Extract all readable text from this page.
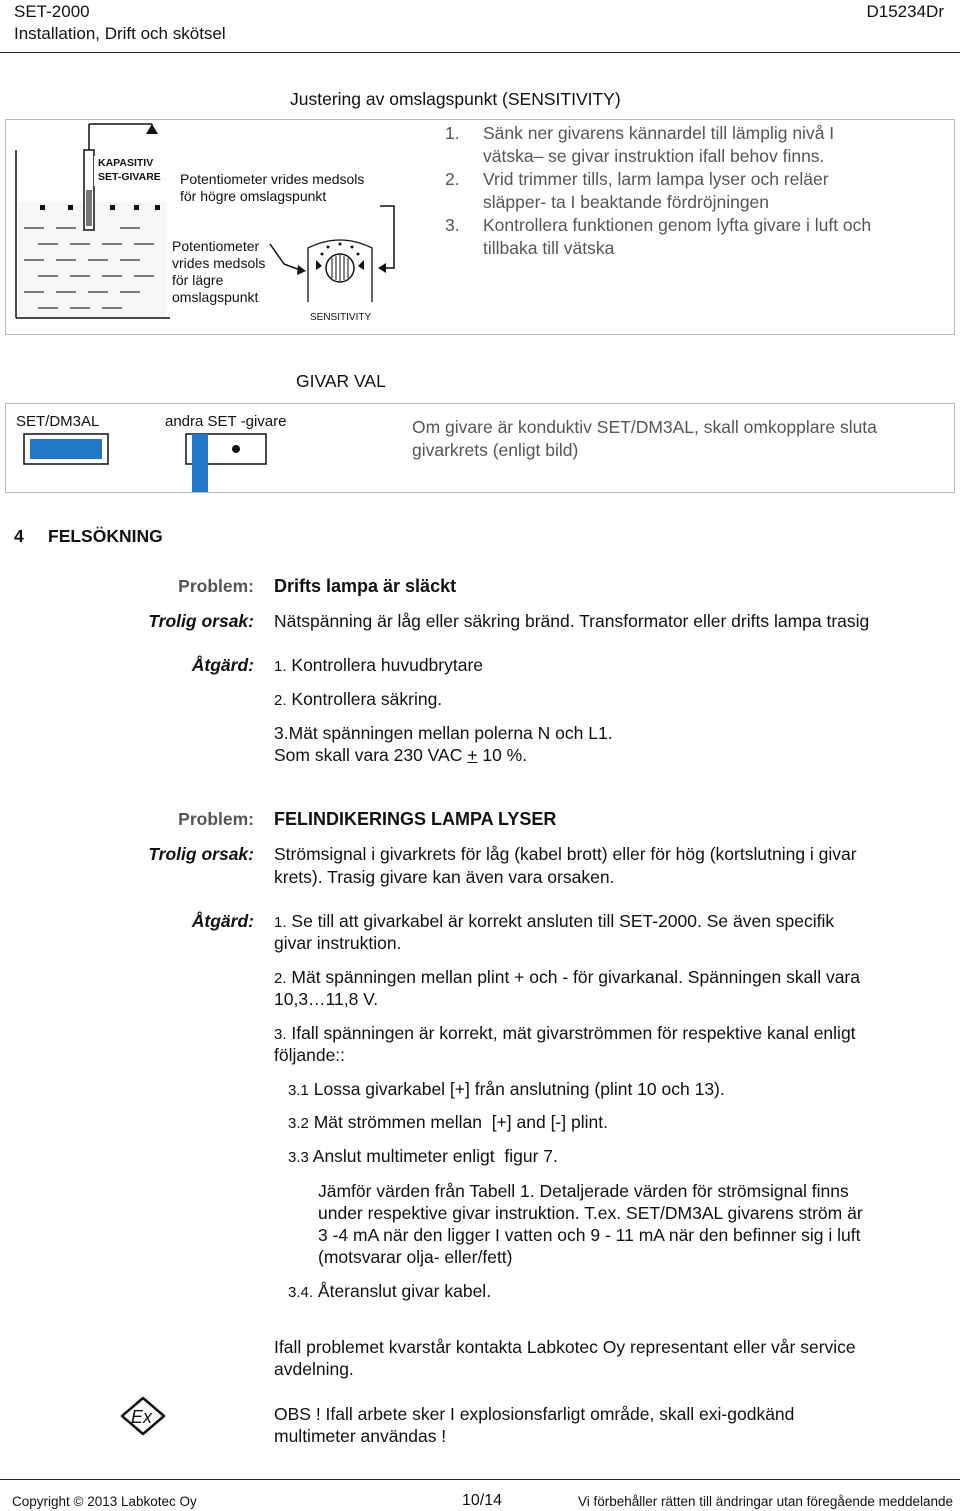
SET-2000
Installation, Drift och skötsel
D15234Dr
Justering av omslagspunkt (SENSITIVITY)
KAPASITIV
SET-GIVARE Potentiometer vrides medsols
för högre omslagspunkt
Potentiometer
vrides medsols
för lägre
omslagspunkt
SENSITIVITY
1. Sänk ner givarens kännardel till lämplig nivå I
vätska– se givar instruktion ifall behov finns.
2. Vrid trimmer tills, larm lampa lyser och reläer
släpper- ta I beaktande fördröjningen
3. Kontrollera funktionen genom lyfta givare i luft och
tillbaka till vätska
GIVAR VAL
SET/DM3AL	andra SET -givare	Om givare är konduktiv SET/DM3AL, skall omkopplare sluta
givarkrets (enligt bild)
4 FELSÖKNING
Problem: Drifts lampa är släckt
Trolig orsak: Nätspänning är låg eller säkring bränd. Transformator eller drifts lampa trasig
Åtgärd: 1. Kontrollera huvudbrytare
2. Kontrollera säkring.
3.Mät spänningen mellan polerna N och L1.
Som skall vara 230 VAC + 10 %.
Problem: FELINDIKERINGS LAMPA LYSER
Trolig orsak: Strömsignal i givarkrets för låg (kabel brott) eller för hög (kortslutning i givar
krets). Trasig givare kan även vara orsaken.
Åtgärd: 1. Se till att givarkabel är korrekt ansluten till SET-2000. Se även specifik
givar instruktion.
2. Mät spänningen mellan plint + och - för givarkanal. Spänningen skall vara
10,3…11,8 V.
3. Ifall spänningen är korrekt, mät givarströmmen för respektive kanal enligt
följande::
3.1 Lossa givarkabel [+] från anslutning (plint 10 och 13).
3.2 Mät strömmen mellan  [+] and [-] plint.
3.3 Anslut multimeter enligt  figur 7.
Jämför värden från Tabell 1. Detaljerade värden för strömsignal finns
under respektive givar instruktion. T.ex. SET/DM3AL givarens ström är
3 -4 mA när den ligger I vatten och 9 - 11 mA när den befinner sig i luft
(motsvarar olja- eller/fett)
3.4. Återanslut givar kabel.
Ifall problemet kvarstår kontakta Labkotec Oy representant eller vår service
avdelning.
Ex	OBS ! Ifall arbete sker I explosionsfarligt område, skall exi-godkänd
multimeter användas !
Copyright © 2013 Labkotec Oy	10/14	Vi förbehåller rätten till ändringar utan föregående meddelande
